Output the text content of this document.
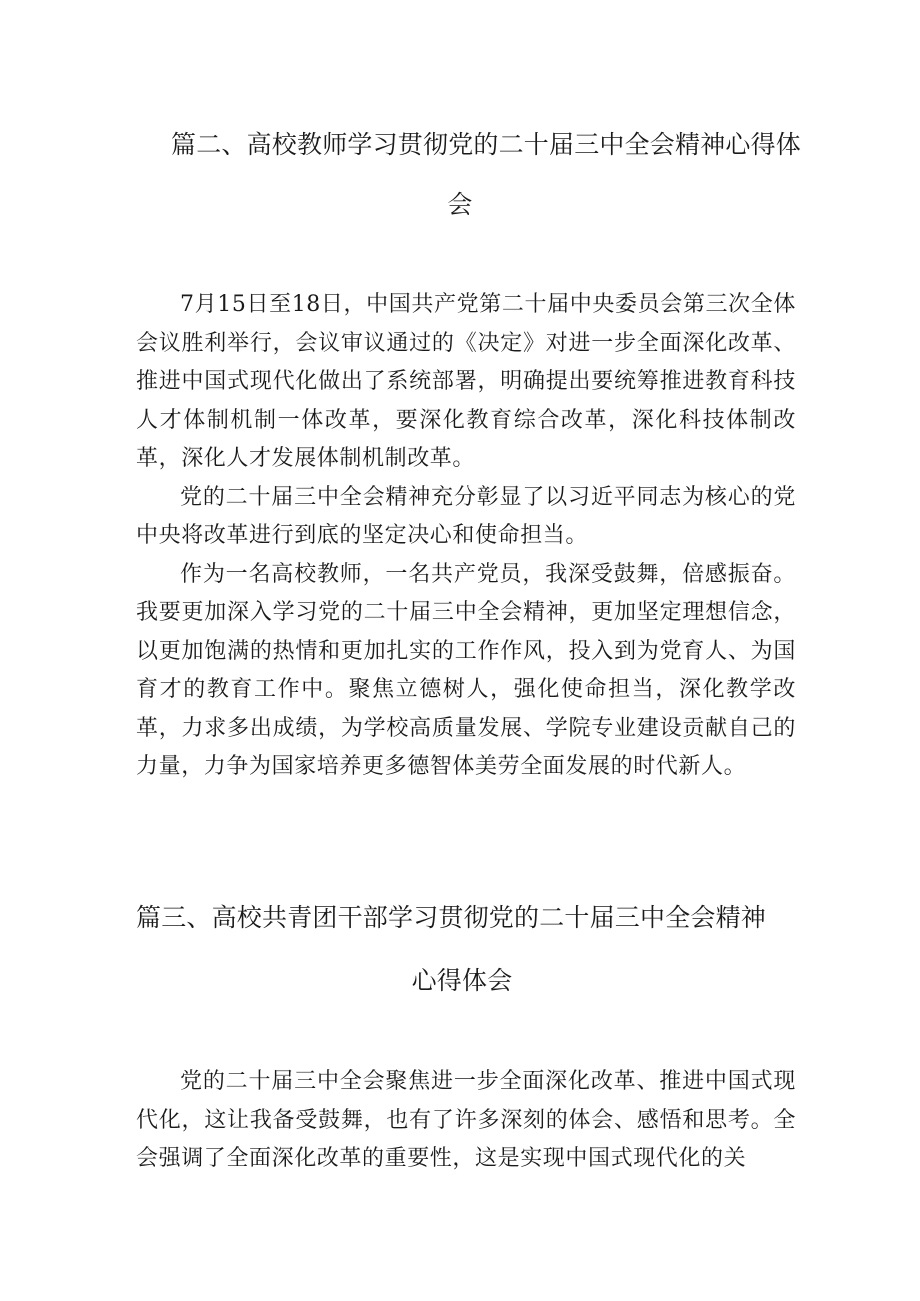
篇二、高校教师学习贯彻党的二十届三中全会精神心得体
会

7月15日至18日，中国共产党第二十届中央委员会第三次全体会议胜利举行，会议审议通过的《决定》对进一步全面深化改革、推进中国式现代化做出了系统部署，明确提出要统筹推进教育科技人才体制机制一体改革，要深化教育综合改革，深化科技体制改革，深化人才发展体制机制改革。

党的二十届三中全会精神充分彰显了以习近平同志为核心的党中央将改革进行到底的坚定决心和使命担当。

作为一名高校教师，一名共产党员，我深受鼓舞，倍感振奋。我要更加深入学习党的二十届三中全会精神，更加坚定理想信念，以更加饱满的热情和更加扎实的工作作风，投入到为党育人、为国育才的教育工作中。聚焦立德树人，强化使命担当，深化教学改革，力求多出成绩，为学校高质量发展、学院专业建设贡献自己的力量，力争为国家培养更多德智体美劳全面发展的时代新人。

篇三、高校共青团干部学习贯彻党的二十届三中全会精神
心得体会

党的二十届三中全会聚焦进一步全面深化改革、推进中国式现代化，这让我备受鼓舞，也有了许多深刻的体会、感悟和思考。全会强调了全面深化改革的重要性，这是实现中国式现代化的关
